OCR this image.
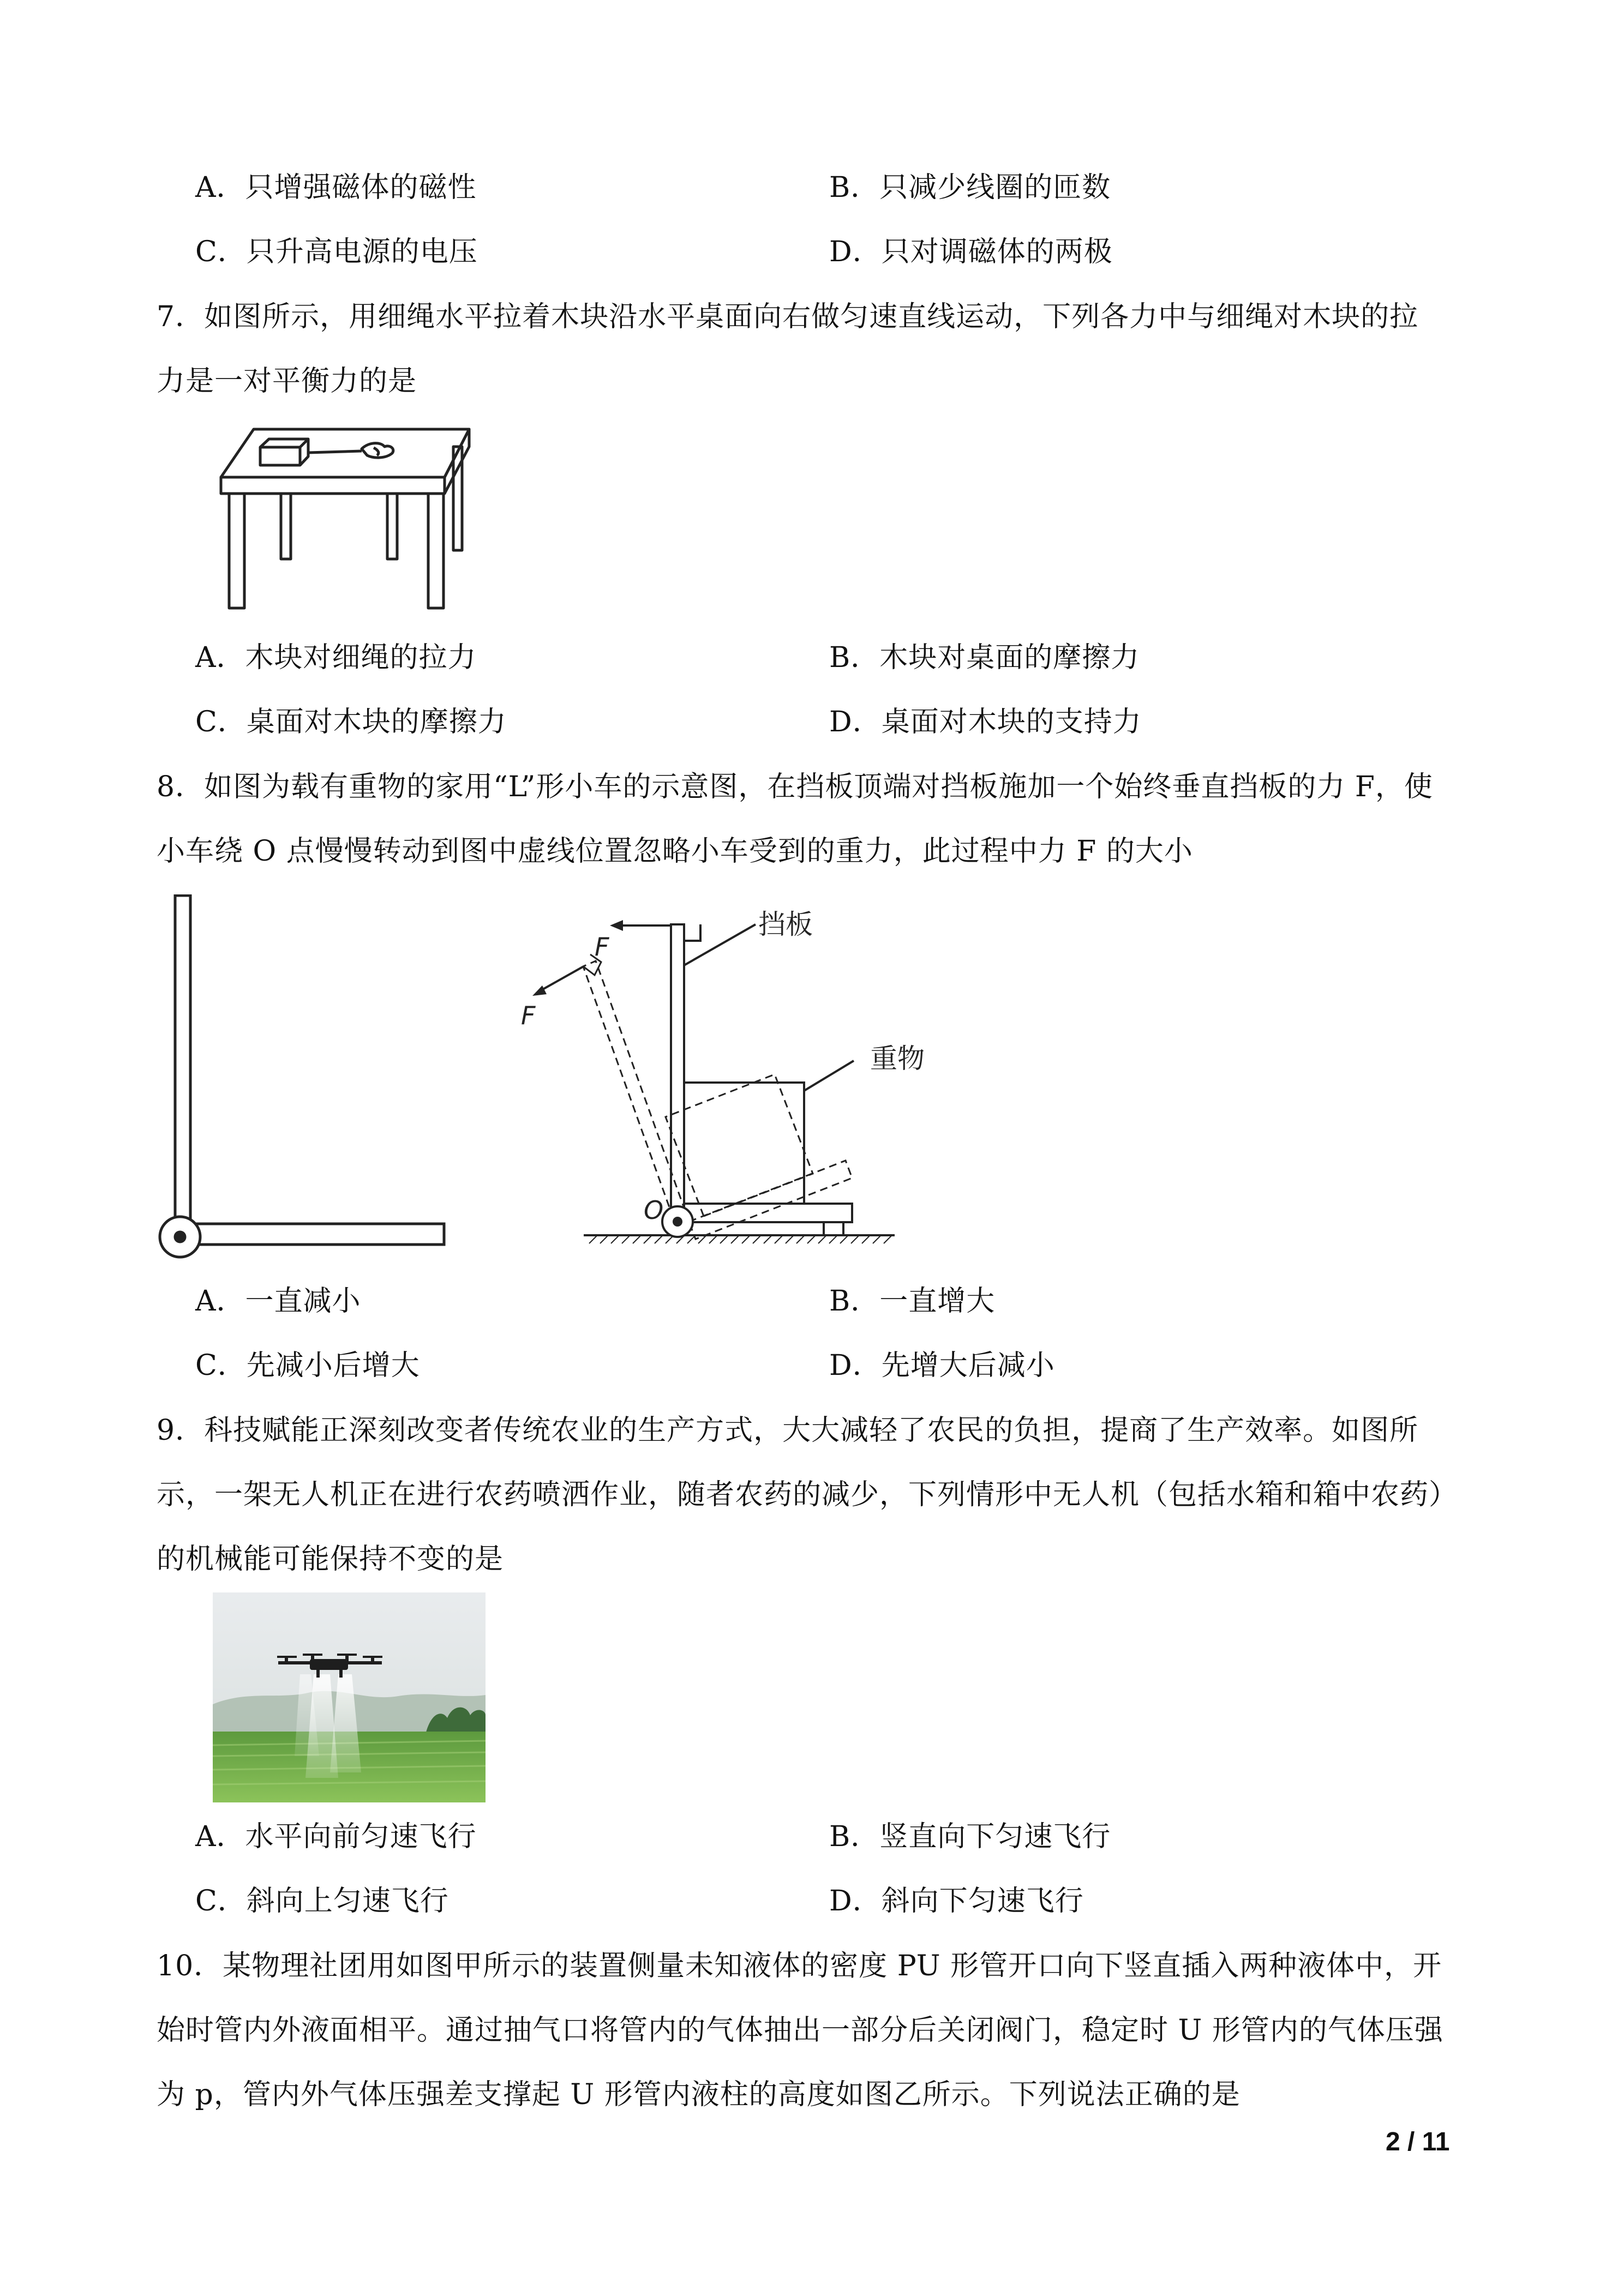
A．只增强磁体的磁性	B．只减少线圈的匝数
C．只升高电源的电压	D．只对调磁体的两极
7．如图所示，用细绳水平拉着木块沿水平桌面向右做匀速直线运动，下列各力中与细绳对木块的拉
力是一对平衡力的是
A．木块对细绳的拉力	B．木块对桌面的摩擦力
C．桌面对木块的摩擦力	D．桌面对木块的支持力
8．如图为载有重物的家用“L”形小车的示意图，在挡板顶端对挡板施加一个始终垂直挡板的力 F，使
小车绕 O 点慢慢转动到图中虚线位置忽略小车受到的重力，此过程中力 F 的大小
挡板
重物
F
F
O
A．一直减小	B．一直增大
C．先减小后增大	D．先增大后减小
9．科技赋能正深刻改变者传统农业的生产方式，大大减轻了农民的负担，提商了生产效率。如图所
示，一架无人机正在进行农药喷洒作业，随者农药的减少，下列情形中无人机（包括水箱和箱中农药）
的机械能可能保持不变的是
A．水平向前匀速飞行	B．竖直向下匀速飞行
C．斜向上匀速飞行	D．斜向下匀速飞行
10．某物理社团用如图甲所示的装置侧量未知液体的密度 PU 形管开口向下竖直插入两种液体中，开
始时管内外液面相平。通过抽气口将管内的气体抽出一部分后关闭阀门，稳定时 U 形管内的气体压强
为 p，管内外气体压强差支撑起 U 形管内液柱的高度如图乙所示。下列说法正确的是
2 / 11
